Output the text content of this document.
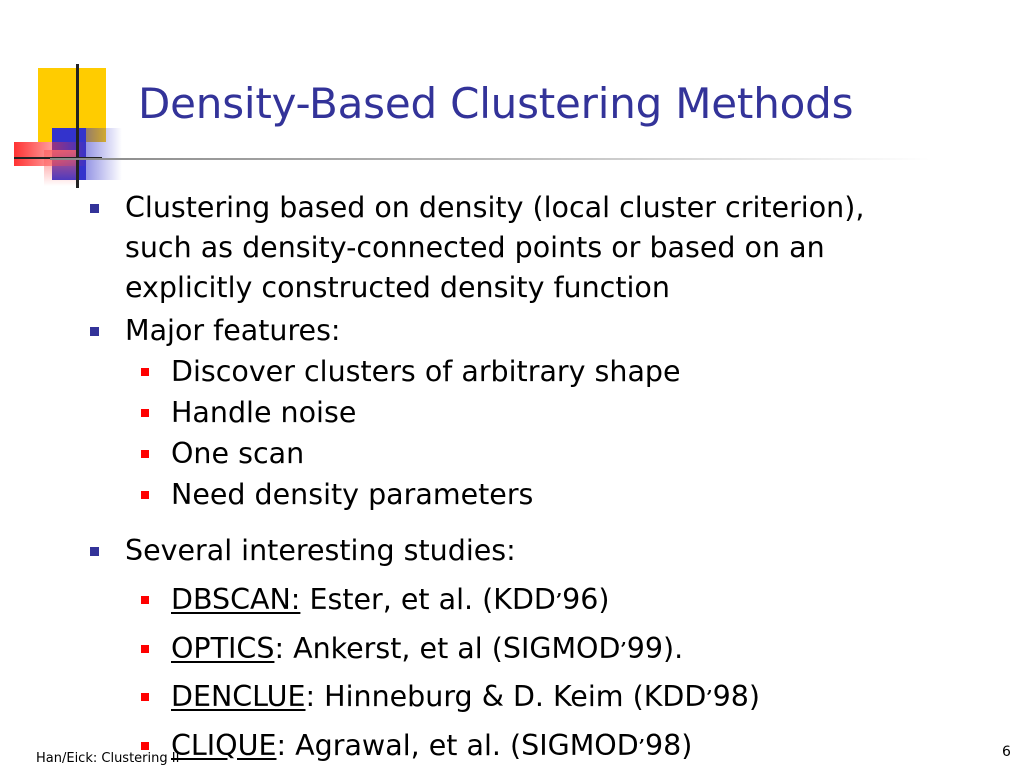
Density-Based Clustering Methods
Clustering based on density (local cluster criterion),
such as density-connected points or based on an
explicitly constructed density function
Major features:
Discover clusters of arbitrary shape
Handle noise
One scan
Need density parameters
Several interesting studies:
DBSCAN: Ester, et al. (KDD’96)
OPTICS: Ankerst, et al (SIGMOD’99).
DENCLUE: Hinneburg & D. Keim (KDD’98)
CLIQUE: Agrawal, et al. (SIGMOD’98)
Han/Eick: Clustering II	6
